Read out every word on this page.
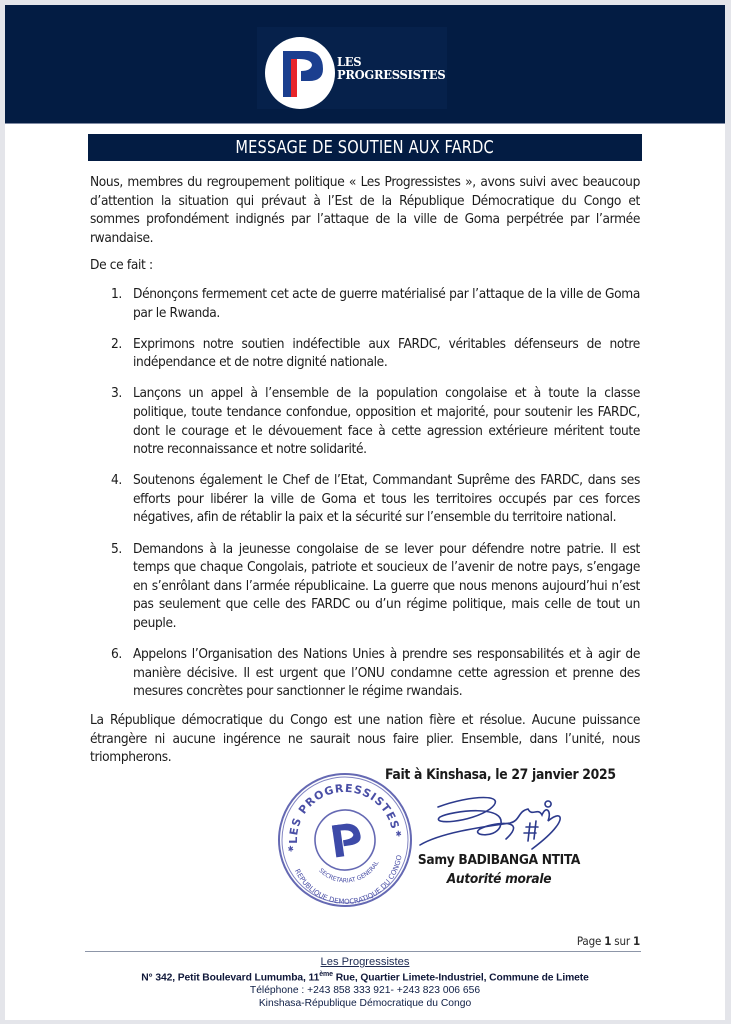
LES
PROGRESSISTES
MESSAGE DE SOUTIEN AUX FARDC

Nous, membres du regroupement politique « Les Progressistes », avons suivi avec beaucoup d’attention la situation qui prévaut à l’Est de la République Démocratique du Congo et sommes profondément indignés par l’attaque de la ville de Goma perpétrée par l’armée rwandaise.

De ce fait :

1. Dénonçons fermement cet acte de guerre matérialisé par l’attaque de la ville de Goma par le Rwanda.
2. Exprimons notre soutien indéfectible aux FARDC, véritables défenseurs de notre indépendance et de notre dignité nationale.
3. Lançons un appel à l’ensemble de la population congolaise et à toute la classe politique, toute tendance confondue, opposition et majorité, pour soutenir les FARDC, dont le courage et le dévouement face à cette agression extérieure méritent toute notre reconnaissance et notre solidarité.
4. Soutenons également le Chef de l’Etat, Commandant Suprême des FARDC, dans ses efforts pour libérer la ville de Goma et tous les territoires occupés par ces forces négatives, afin de rétablir la paix et la sécurité sur l’ensemble du territoire national.
5. Demandons à la jeunesse congolaise de se lever pour défendre notre patrie. Il est temps que chaque Congolais, patriote et soucieux de l’avenir de notre pays, s’engage en s’enrôlant dans l’armée républicaine. La guerre que nous menons aujourd’hui n’est pas seulement que celle des FARDC ou d’un régime politique, mais celle de tout un peuple.
6. Appelons l’Organisation des Nations Unies à prendre ses responsabilités et à agir de manière décisive. Il est urgent que l’ONU condamne cette agression et prenne des mesures concrètes pour sanctionner le régime rwandais.

La République démocratique du Congo est une nation fière et résolue. Aucune puissance étrangère ni aucune ingérence ne saurait nous faire plier. Ensemble, dans l’unité, nous triompherons.

LES PROGRESSISTES
REPUBLIQUE DEMOCRATIQUE DU CONGO
SECRETARIAT GENERAL
✱
✱
Fait à Kinshasa, le 27 janvier 2025
Samy BADIBANGA NTITA
Autorité morale
Page 1 sur 1
Les Progressistes
N° 342, Petit Boulevard Lumumba, 11ème Rue, Quartier Limete-Industriel, Commune de Limete
Téléphone : +243 858 333 921- +243 823 006 656
Kinshasa-République Démocratique du Congo
